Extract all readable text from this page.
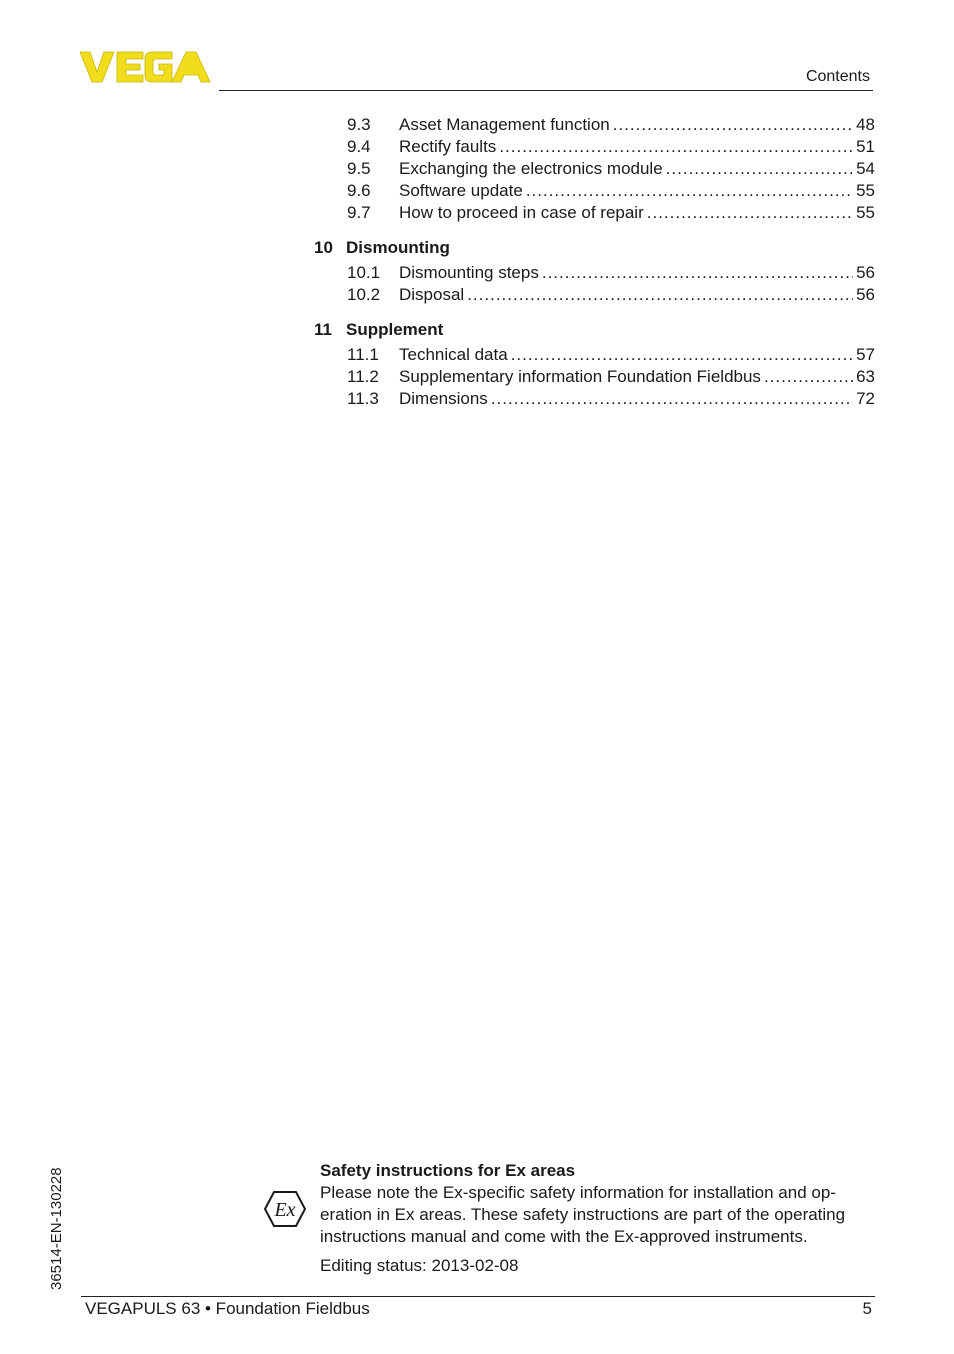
Contents
9.3	Asset Management function .....	48
9.4	Rectify faults .....	51
9.5	Exchanging the electronics module .....	54
9.6	Software update .....	55
9.7	How to proceed in case of repair .....	55
10 Dismounting
10.1	Dismounting steps .....	56
10.2	Disposal .....	56
11 Supplement
11.1	Technical data .....	57
11.2	Supplementary information Foundation Fieldbus .....	63
11.3	Dimensions .....	72
36514-EN-130228	Ex
Safety instructions for Ex areas
Please note the Ex-specific safety information for installation and op-
eration in Ex areas. These safety instructions are part of the operating
instructions manual and come with the Ex-approved instruments.
Editing status: 2013-02-08
VEGAPULS 63 • Foundation Fieldbus	5
